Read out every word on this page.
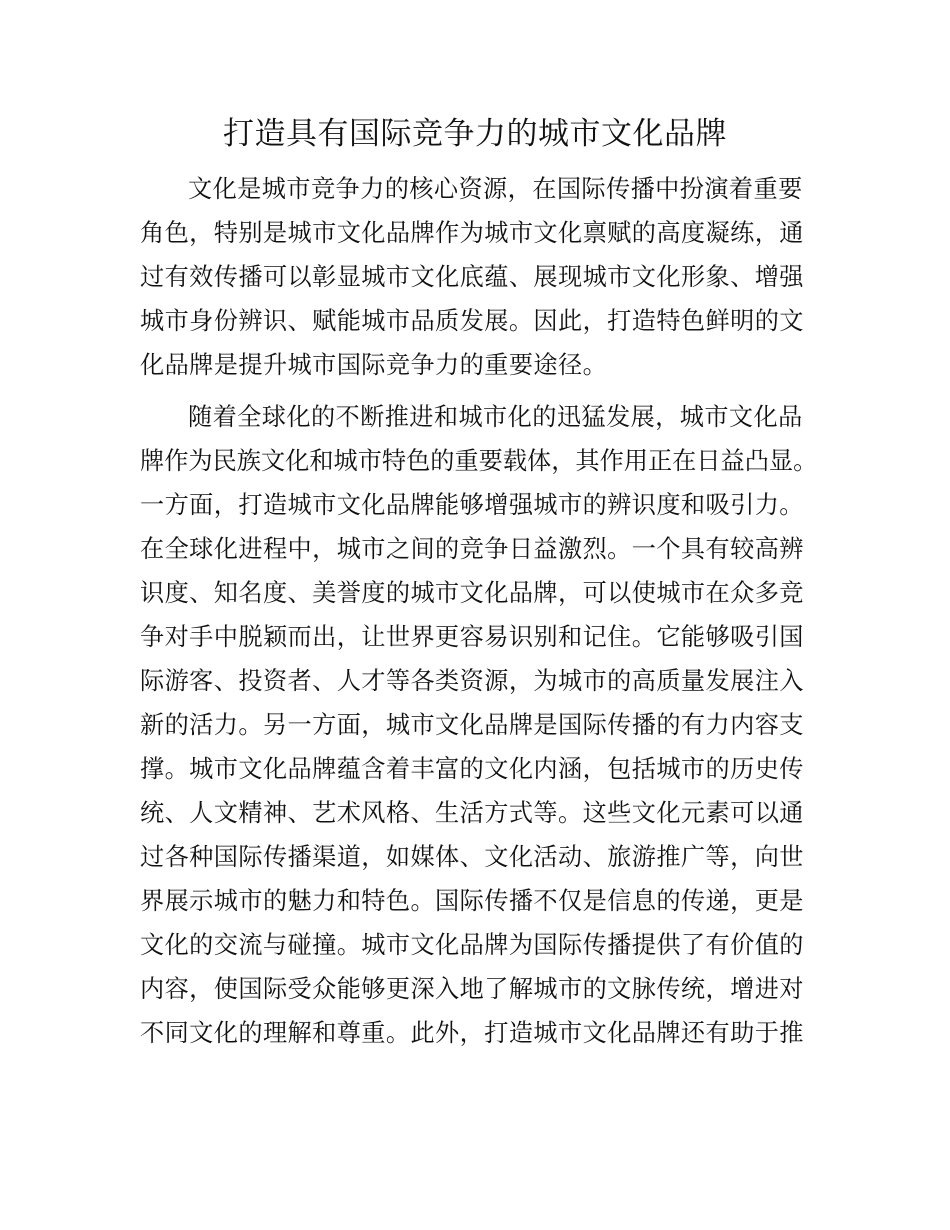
打造具有国际竞争力的城市文化品牌

文化是城市竞争力的核心资源，在国际传播中扮演着重要

角色，特别是城市文化品牌作为城市文化禀赋的高度凝练，通

过有效传播可以彰显城市文化底蕴、展现城市文化形象、增强

城市身份辨识、赋能城市品质发展。因此，打造特色鲜明的文

化品牌是提升城市国际竞争力的重要途径。

随着全球化的不断推进和城市化的迅猛发展，城市文化品

牌作为民族文化和城市特色的重要载体，其作用正在日益凸显。

一方面，打造城市文化品牌能够增强城市的辨识度和吸引力。

在全球化进程中，城市之间的竞争日益激烈。一个具有较高辨

识度、知名度、美誉度的城市文化品牌，可以使城市在众多竞

争对手中脱颖而出，让世界更容易识别和记住。它能够吸引国

际游客、投资者、人才等各类资源，为城市的高质量发展注入

新的活力。另一方面，城市文化品牌是国际传播的有力内容支

撑。城市文化品牌蕴含着丰富的文化内涵，包括城市的历史传

统、人文精神、艺术风格、生活方式等。这些文化元素可以通

过各种国际传播渠道，如媒体、文化活动、旅游推广等，向世

界展示城市的魅力和特色。国际传播不仅是信息的传递，更是

文化的交流与碰撞。城市文化品牌为国际传播提供了有价值的

内容，使国际受众能够更深入地了解城市的文脉传统，增进对

不同文化的理解和尊重。此外，打造城市文化品牌还有助于推
